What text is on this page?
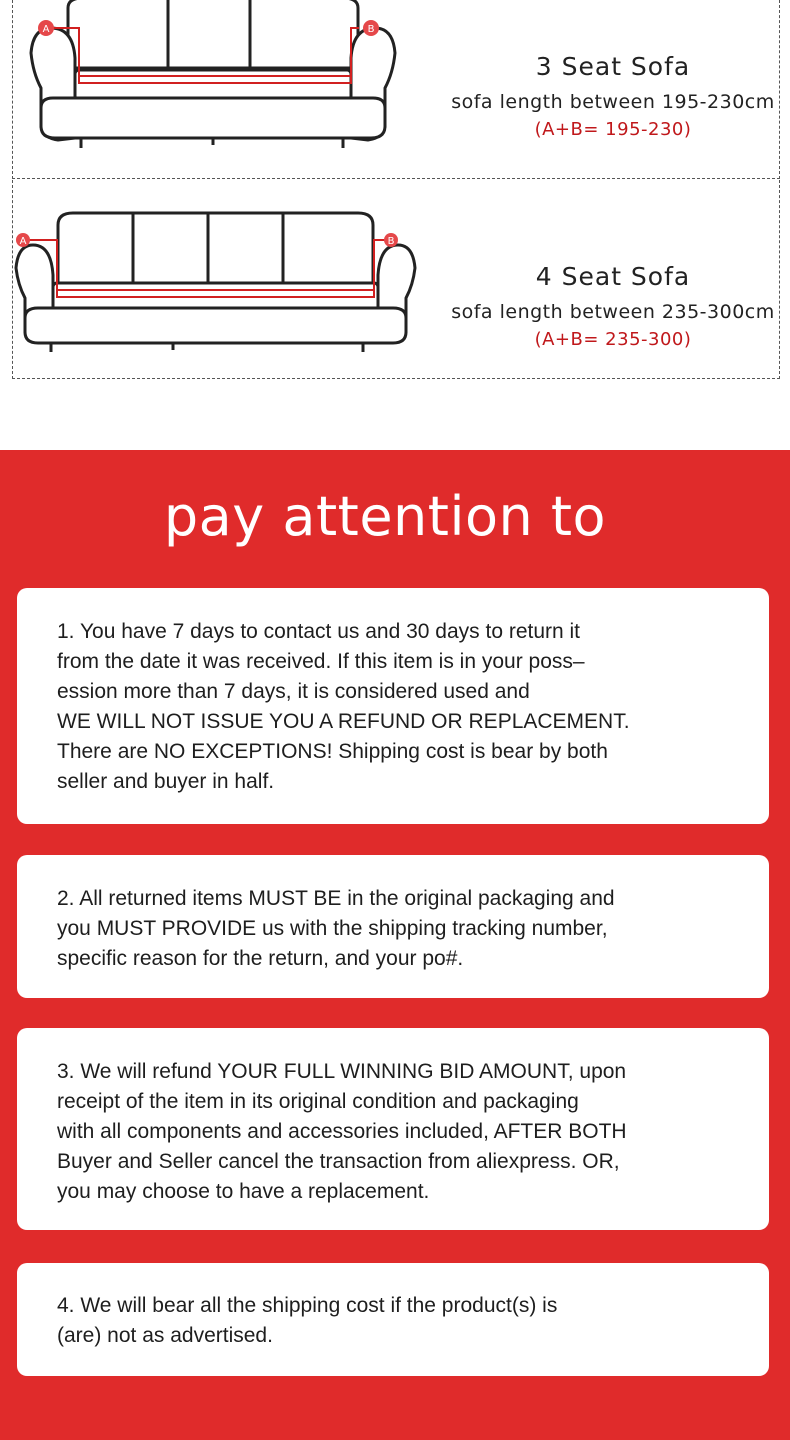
A	B
3 Seat Sofa
sofa length between 195-230cm
(A+B= 195-230)
A	B
4 Seat Sofa
sofa length between 235-300cm
(A+B= 235-300)
pay attention to
1. You have 7 days to contact us and 30 days to return it
from the date it was received. If this item is in your poss–
ession more than 7 days, it is considered used and
WE WILL NOT ISSUE YOU A REFUND OR REPLACEMENT.
There are NO EXCEPTIONS! Shipping cost is bear by both
seller and buyer in half.
2. All returned items MUST BE in the original packaging and
you MUST PROVIDE us with the shipping tracking number,
specific reason for the return, and your po#.
3. We will refund YOUR FULL WINNING BID AMOUNT, upon
receipt of the item in its original condition and packaging
with all components and accessories included, AFTER BOTH
Buyer and Seller cancel the transaction from aliexpress. OR,
you may choose to have a replacement.
4. We will bear all the shipping cost if the product(s) is
(are) not as advertised.
